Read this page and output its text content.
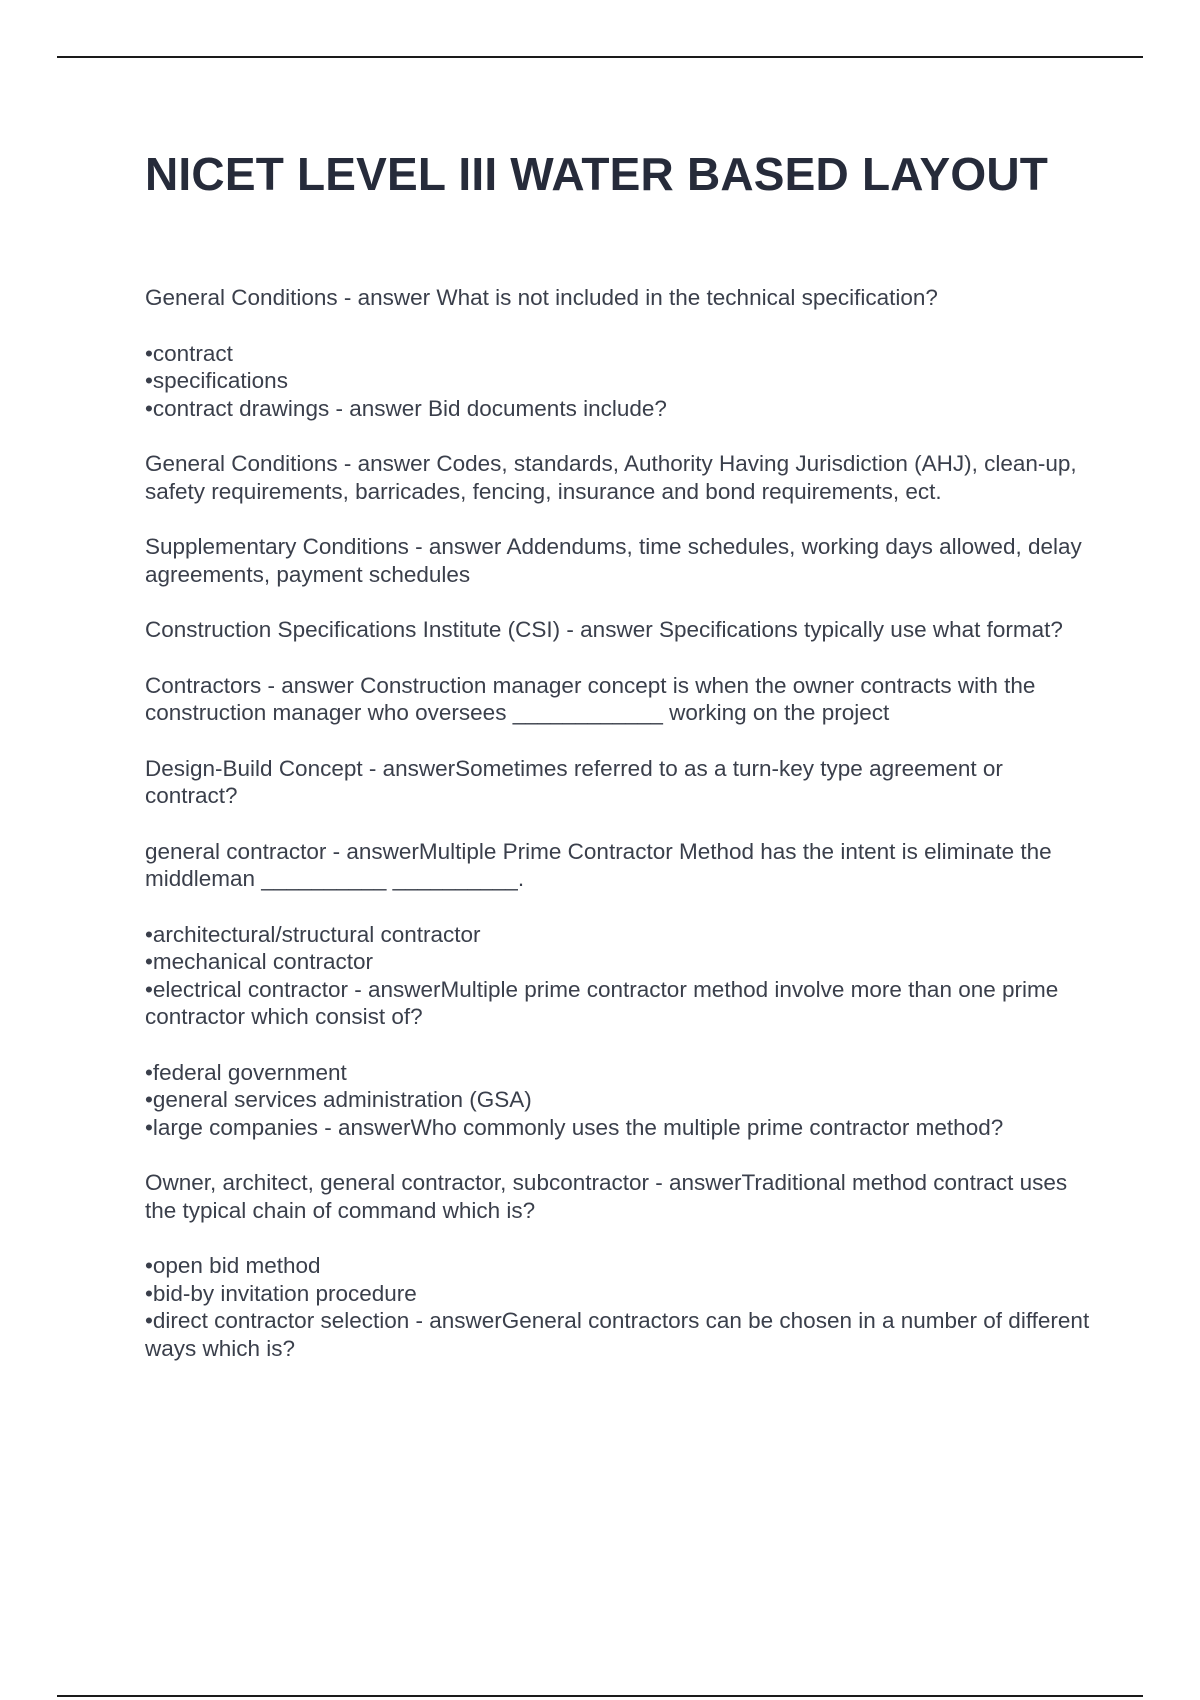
NICET LEVEL III WATER BASED LAYOUT

General Conditions - answer What is not included in the technical specification?

•contract
•specifications
•contract drawings - answer Bid documents include?

General Conditions - answer Codes, standards, Authority Having Jurisdiction (AHJ), clean-up, safety requirements, barricades, fencing, insurance and bond requirements, ect.

Supplementary Conditions - answer Addendums, time schedules, working days allowed, delay agreements, payment schedules

Construction Specifications Institute (CSI) - answer Specifications typically use what format?

Contractors - answer Construction manager concept is when the owner contracts with the construction manager who oversees ____________ working on the project

Design-Build Concept - answerSometimes referred to as a turn-key type agreement or contract?

general contractor - answerMultiple Prime Contractor Method has the intent is eliminate the middleman __________ __________.

•architectural/structural contractor
•mechanical contractor
•electrical contractor - answerMultiple prime contractor method involve more than one prime contractor which consist of?

•federal government
•general services administration (GSA)
•large companies - answerWho commonly uses the multiple prime contractor method?

Owner, architect, general contractor, subcontractor - answerTraditional method contract uses the typical chain of command which is?

•open bid method
•bid-by invitation procedure
•direct contractor selection - answerGeneral contractors can be chosen in a number of different ways which is?
